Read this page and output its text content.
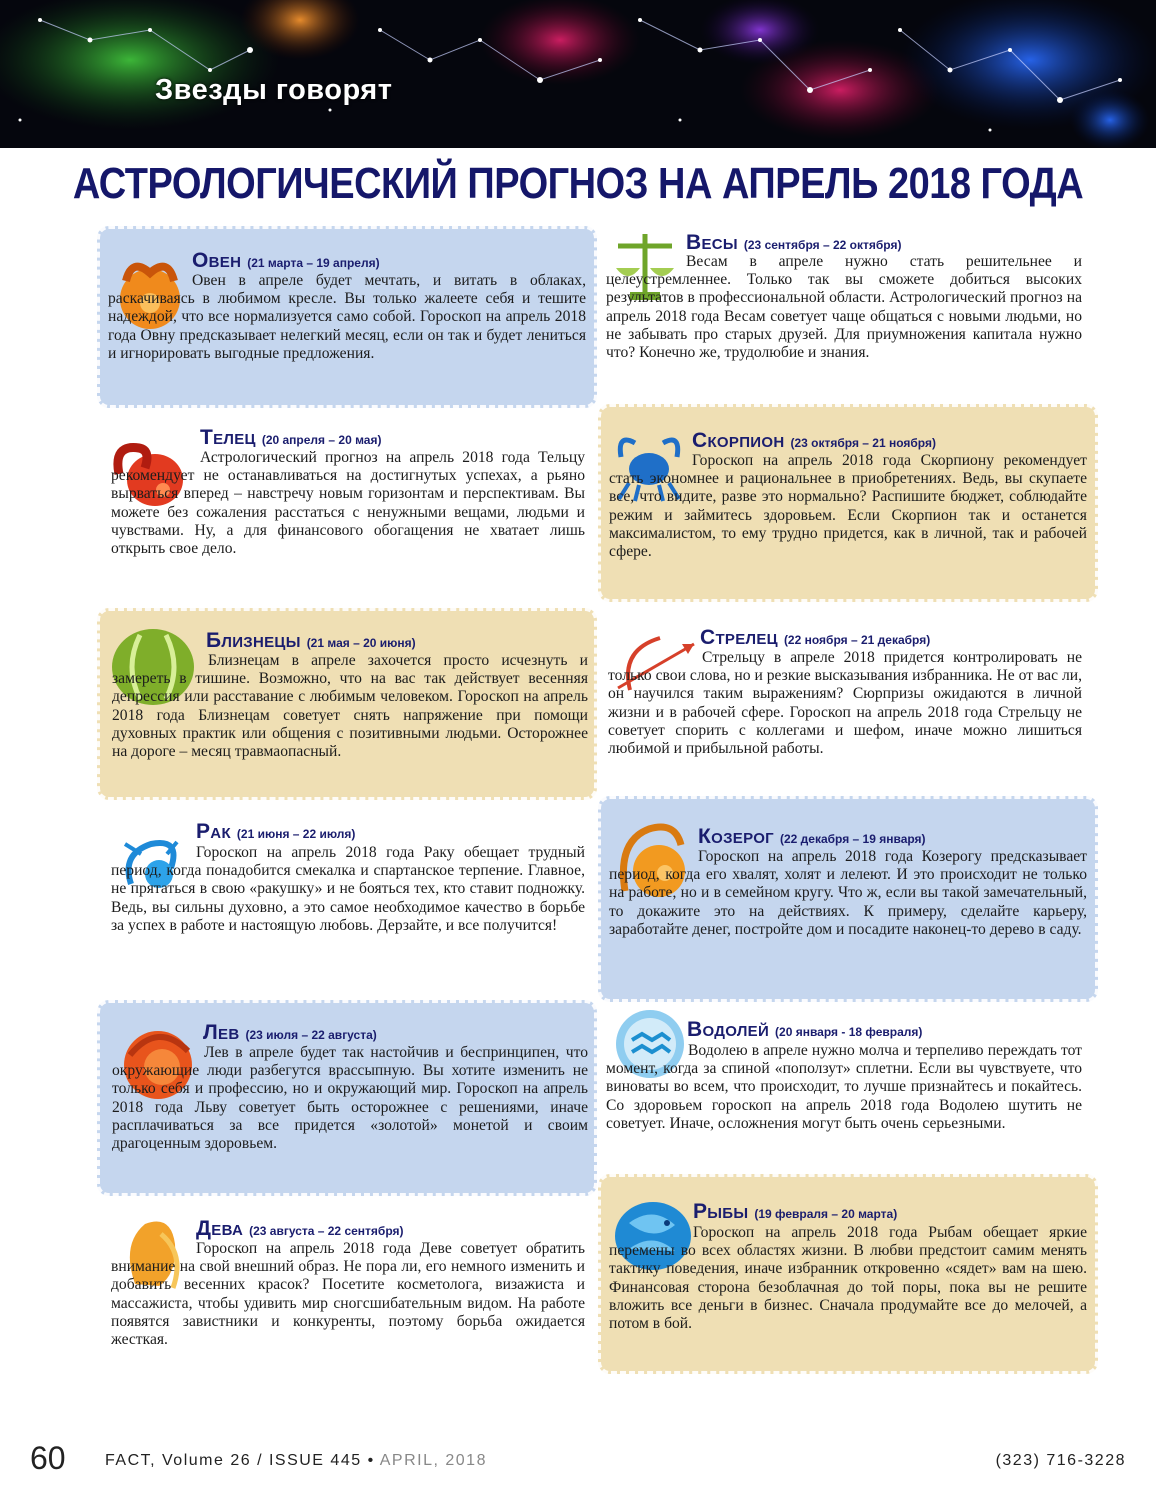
Звезды говорят
АСТРОЛОГИЧЕСКИЙ ПРОГНОЗ НА АПРЕЛЬ 2018 ГОДА
Овен (21 марта – 19 апреля)
Овен в апреле будет мечтать, и витать в облаках, раскачиваясь в любимом кресле. Вы только жалеете себя и тешите надеждой, что все нормализуется само собой. Гороскоп на апрель 2018 года Овну предсказывает нелегкий месяц, если он так и будет лениться и игнорировать выгодные предложения.
Телец (20 апреля – 20 мая)
Астрологический прогноз на апрель 2018 года Тельцу рекомендует не останавливаться на достигнутых успехах, а рьяно вырваться вперед – навстречу новым горизонтам и перспективам. Вы можете без сожаления расстаться с ненужными вещами, людьми и чувствами. Ну, а для финансового обогащения не хватает лишь открыть свое дело.
Близнецы (21 мая – 20 июня)
Близнецам в апреле захочется просто исчезнуть и замереть в тишине. Возможно, что на вас так действует весенняя депрессия или расставание с любимым человеком. Гороскоп на апрель 2018 года Близнецам советует снять напряжение при помощи духовных практик или общения с позитивными людьми. Осторожнее на дороге – месяц травмаопасный.
Рак (21 июня – 22 июля)
Гороскоп на апрель 2018 года Раку обещает трудный период, когда понадобится смекалка и спартанское терпение. Главное, не прятаться в свою «ракушку» и не бояться тех, кто ставит подножку. Ведь, вы сильны духовно, а это самое необходимое качество в борьбе за успех в работе и настоящую любовь. Дерзайте, и все получится!
Лев (23 июля – 22 августа)
Лев в апреле будет так настойчив и беспринципен, что окружающие люди разбегутся врассыпную. Вы хотите изменить не только себя и профессию, но и окружающий мир. Гороскоп на апрель 2018 года Льву советует быть осторожнее с решениями, иначе расплачиваться за все придется «золотой» монетой и своим драгоценным здоровьем.
Дева (23 августа – 22 сентября)
Гороскоп на апрель 2018 года Деве советует обратить внимание на свой внешний образ. Не пора ли, его немного изменить и добавить весенних красок? Посетите косметолога, визажиста и массажиста, чтобы удивить мир сногсшибательным видом. На работе появятся завистники и конкуренты, поэтому борьба ожидается жесткая.
Весы (23 сентября – 22 октября)
Весам в апреле нужно стать решительнее и целеустремленнее. Только так вы сможете добиться высоких результатов в профессиональной области. Астрологический прогноз на апрель 2018 года Весам советует чаще общаться с новыми людьми, но не забывать про старых друзей. Для приумножения капитала нужно что? Конечно же, трудолюбие и знания.
Скорпион (23 октября – 21 ноября)
Гороскоп на апрель 2018 года Скорпиону рекомендует стать экономнее и рациональнее в приобретениях. Ведь, вы скупаете все, что видите, разве это нормально? Распишите бюджет, соблюдайте режим и займитесь здоровьем. Если Скорпион так и останется максималистом, то ему трудно придется, как в личной, так и рабочей сфере.
Стрелец (22 ноября – 21 декабря)
Стрельцу в апреле 2018 придется контролировать не только свои слова, но и резкие высказывания избранника. Не от вас ли, он научился таким выражениям? Сюрпризы ожидаются в личной жизни и в рабочей сфере. Гороскоп на апрель 2018 года Стрельцу не советует спорить с коллегами и шефом, иначе можно лишиться любимой и прибыльной работы.
Козерог (22 декабря – 19 января)
Гороскоп на апрель 2018 года Козерогу предсказывает период, когда его хвалят, холят и лелеют. И это происходит не только на работе, но и в семейном кругу. Что ж, если вы такой замечательный, то докажите это на действиях. К примеру, сделайте карьеру, заработайте денег, постройте дом и посадите наконец-то дерево в саду.
Водолей (20 января - 18 февраля)
Водолею в апреле нужно молча и терпеливо переждать тот момент, когда за спиной «поползут» сплетни. Если вы чувствуете, что виноваты во всем, что происходит, то лучше признайтесь и покайтесь. Со здоровьем гороскоп на апрель 2018 года Водолею шутить не советует. Иначе, осложнения могут быть очень серьезными.
Рыбы (19 февраля – 20 марта)
Гороскоп на апрель 2018 года Рыбам обещает яркие перемены во всех областях жизни. В любви предстоит самим менять тактику поведения, иначе избранник откровенно «сядет» вам на шею. Финансовая сторона безоблачная до той поры, пока вы не решите вложить все деньги в бизнес. Сначала продумайте все до мелочей, а потом в бой.
60 FACT, Volume 26 / ISSUE 445 • APRIL, 2018	(323) 716-3228
